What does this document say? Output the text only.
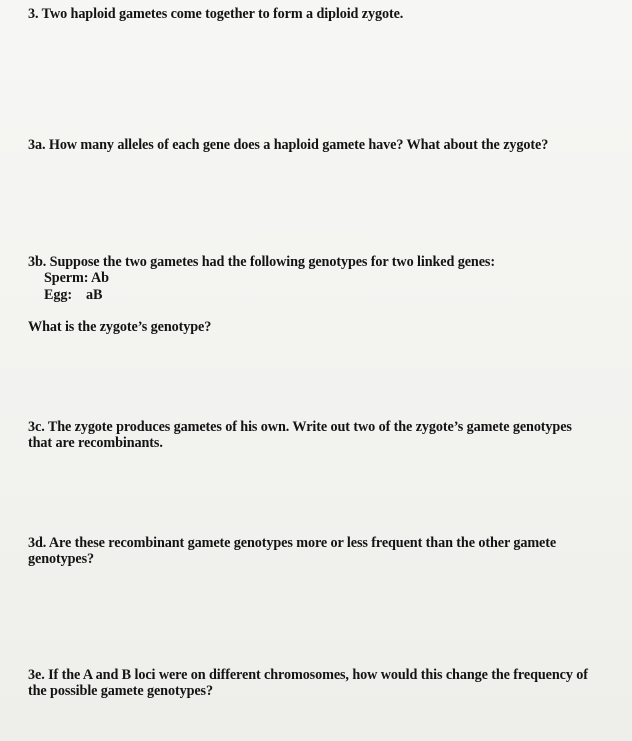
3. Two haploid gametes come together to form a diploid zygote.
3a. How many alleles of each gene does a haploid gamete have? What about the zygote?
3b. Suppose the two gametes had the following genotypes for two linked genes:
Sperm: Ab
Egg: aB
What is the zygote’s genotype?
3c. The zygote produces gametes of his own. Write out two of the zygote’s gamete genotypes
that are recombinants.
3d. Are these recombinant gamete genotypes more or less frequent than the other gamete
genotypes?
3e. If the A and B loci were on different chromosomes, how would this change the frequency of
the possible gamete genotypes?
